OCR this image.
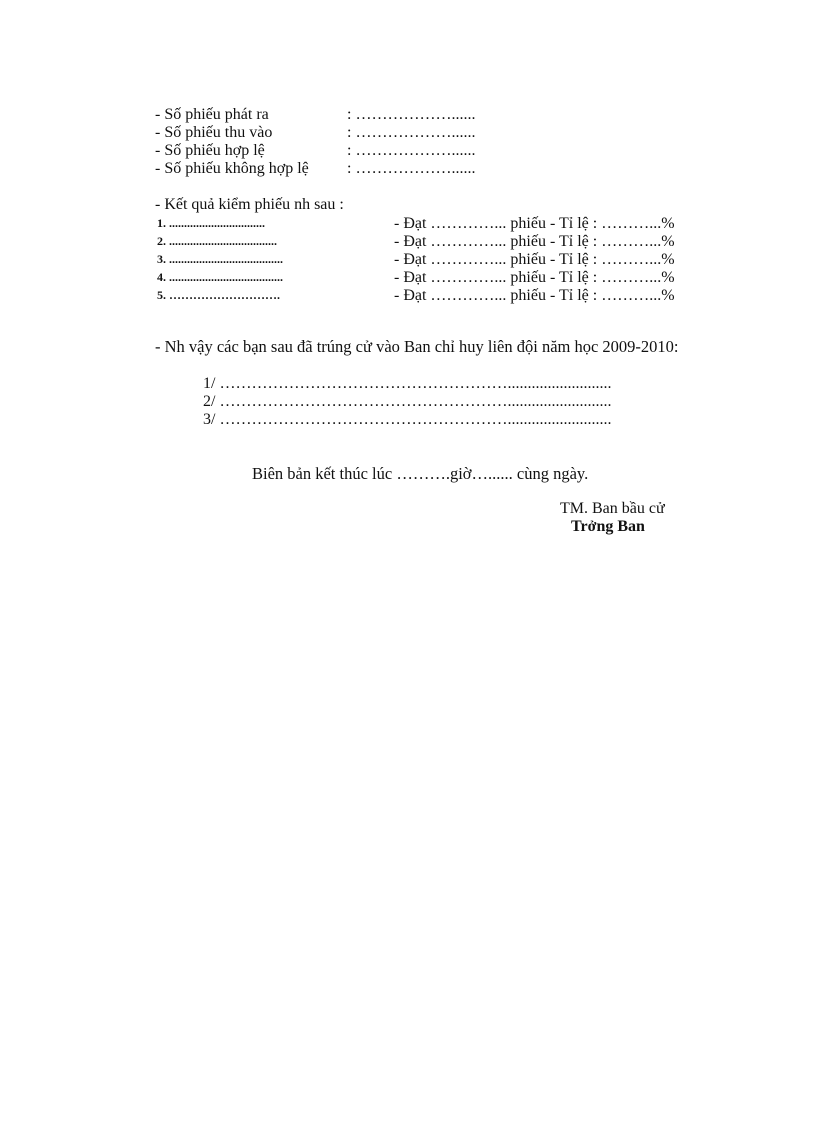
- Số phiếu phát ra	: ………………......
- Số phiếu thu vào	: ………………......
- Số phiếu hợp lệ	: ………………......
- Số phiếu không hợp lệ : ………………......
- Kết quả kiểm phiếu nh sau :
1. ................................	- Đạt …………... phiếu - Tỉ lệ : ………...%
2. ....................................	- Đạt …………... phiếu - Tỉ lệ : ………...%
3. ......................................	- Đạt …………... phiếu - Tỉ lệ : ………...%
4. ......................................	- Đạt …………... phiếu - Tỉ lệ : ………...%
5. ……………………….	- Đạt …………... phiếu - Tỉ lệ : ………...%
- Nh vậy các bạn sau đã trúng cử vào Ban chỉ huy liên đội năm học 2009-2010:
1/ ………………………………………………..........................
2/ ………………………………………………..........................
3/ ………………………………………………..........................
Biên bản kết thúc lúc ……….giờ…...... cùng ngày.
TM. Ban bầu cử
Trởng Ban
